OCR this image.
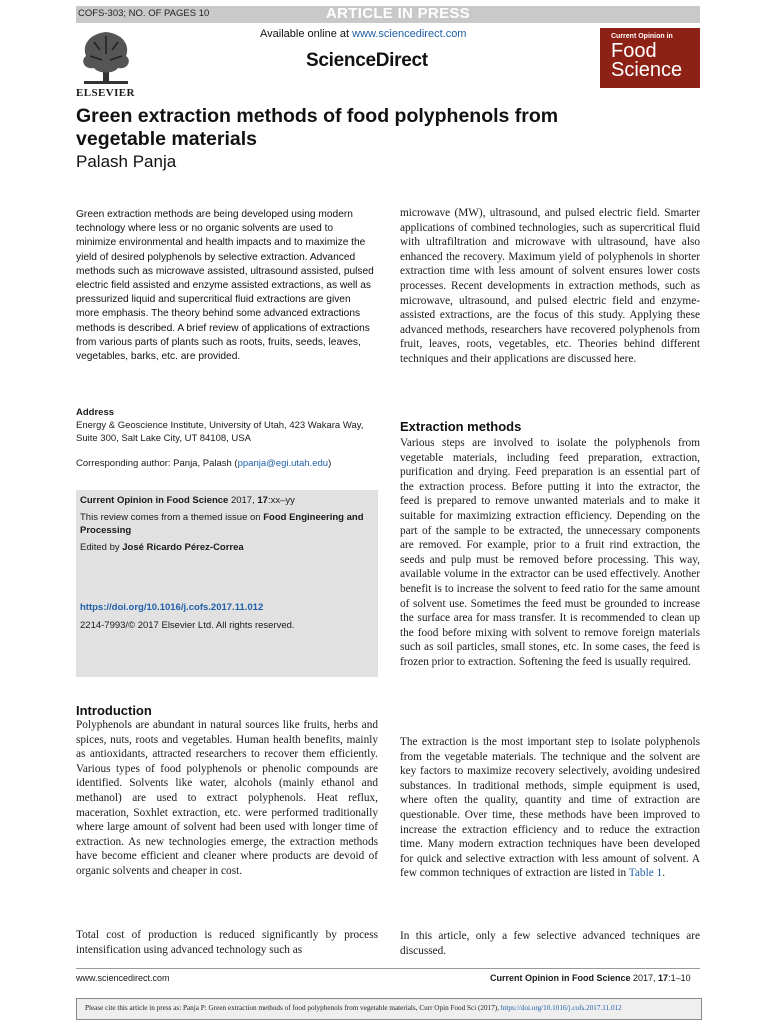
COFS-303; NO. OF PAGES 10	ARTICLE IN PRESS
ELSEVIER
Available online at www.sciencedirect.com
ScienceDirect
Current Opinion in
Food
Science
Green extraction methods of food polyphenols from vegetable materials
Palash Panja
Green extraction methods are being developed using modern technology where less or no organic solvents are used to minimize environmental and health impacts and to maximize the yield of desired polyphenols by selective extraction. Advanced methods such as microwave assisted, ultrasound assisted, pulsed electric field assisted and enzyme assisted extractions, as well as pressurized liquid and supercritical fluid extractions are given more emphasis. The theory behind some advanced extractions methods is described. A brief review of applications of extractions from various parts of plants such as roots, fruits, seeds, leaves, vegetables, barks, etc. are provided.
Address
Energy & Geoscience Institute, University of Utah, 423 Wakara Way, Suite 300, Salt Lake City, UT 84108, USA
Corresponding author: Panja, Palash (ppanja@egi.utah.edu)
Current Opinion in Food Science 2017, 17:xx–yy
This review comes from a themed issue on Food Engineering and Processing
Edited by José Ricardo Pérez-Correa
https://doi.org/10.1016/j.cofs.2017.11.012
2214-7993/© 2017 Elsevier Ltd. All rights reserved.
Introduction
Polyphenols are abundant in natural sources like fruits, herbs and spices, nuts, roots and vegetables. Human health benefits, mainly as antioxidants, attracted researchers to recover them efficiently. Various types of food polyphenols or phenolic compounds are identified. Solvents like water, alcohols (mainly ethanol and methanol) are used to extract polyphenols. Heat reflux, maceration, Soxhlet extraction, etc. were performed traditionally where large amount of solvent had been used with longer time of extraction. As new technologies emerge, the extraction methods have become efficient and cleaner where products are devoid of organic solvents and cheaper in cost.
Total cost of production is reduced significantly by process intensification using advanced technology such as
microwave (MW), ultrasound, and pulsed electric field. Smarter applications of combined technologies, such as supercritical fluid with ultrafiltration and microwave with ultrasound, have also enhanced the recovery. Maximum yield of polyphenols in shorter extraction time with less amount of solvent ensures lower costs processes. Recent developments in extraction methods, such as microwave, ultrasound, and pulsed electric field and enzyme-assisted extractions, are the focus of this study. Applying these advanced methods, researchers have recovered polyphenols from fruit, leaves, roots, vegetables, etc. Theories behind different techniques and their applications are discussed here.
Extraction methods
Various steps are involved to isolate the polyphenols from vegetable materials, including feed preparation, extraction, purification and drying. Feed preparation is an essential part of the extraction process. Before putting it into the extractor, the feed is prepared to remove unwanted materials and to make it suitable for maximizing extraction efficiency. Depending on the part of the sample to be extracted, the unnecessary components are removed. For example, prior to a fruit rind extraction, the seeds and pulp must be removed before processing. This way, available volume in the extractor can be used effectively. Another benefit is to increase the solvent to feed ratio for the same amount of solvent use. Sometimes the feed must be grounded to increase the surface area for mass transfer. It is recommended to clean up the food before mixing with solvent to remove foreign materials such as soil particles, small stones, etc. In some cases, the feed is frozen prior to extraction. Softening the feed is usually required.
The extraction is the most important step to isolate polyphenols from the vegetable materials. The technique and the solvent are key factors to maximize recovery selectively, avoiding undesired substances. In traditional methods, simple equipment is used, where often the quality, quantity and time of extraction are questionable. Over time, these methods have been improved to increase the extraction efficiency and to reduce the extraction time. Many modern extraction techniques have been developed for quick and selective extraction with less amount of solvent. A few common techniques of extraction are listed in Table 1.
In this article, only a few selective advanced techniques are discussed.
www.sciencedirect.com	Current Opinion in Food Science 2017, 17:1–10
Please cite this article in press as: Panja P: Green extraction methods of food polyphenols from vegetable materials, Curr Opin Food Sci (2017), https://doi.org/10.1016/j.cofs.2017.11.012
